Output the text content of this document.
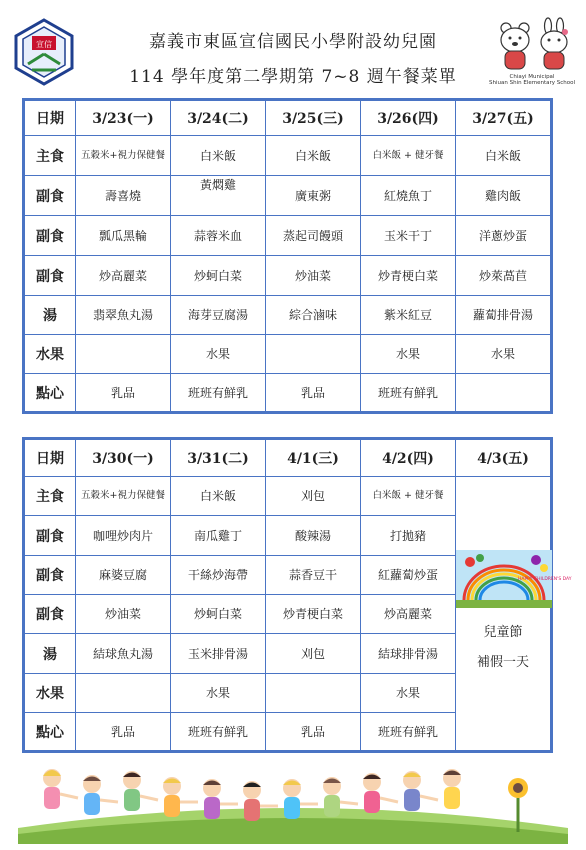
宣信	嘉義市東區宣信國民小學附設幼兒園
114 學年度第二學期第 7~8 週午餐菜單	Chiayi Municipal
Shiuan Shin Elementary School
日期	3/23(一)	3/24(二)	3/25(三)	3/26(四)	3/27(五)
主食	五穀米+視力保健餐	白米飯	白米飯	白米飯 + 健牙餐	白米飯
副食	壽喜燒	黃燜雞	廣東粥	紅燒魚丁	雞肉飯
副食	瓢瓜黑輪	蒜蓉米血	蒸起司饅頭	玉米干丁	洋蔥炒蛋
副食	炒高麗菜	炒蚵白菜	炒油菜	炒青梗白菜	炒萊萵苣
湯	翡翠魚丸湯	海芽豆腐湯	綜合滷味	紫米紅豆	蘿蔔排骨湯
水果		水果		水果	水果
點心	乳品	班班有鮮乳	乳品	班班有鮮乳	
日期	3/30(一)	3/31(二)	4/1(三)	4/2(四)	4/3(五)
主食	五穀米+視力保健餐	白米飯	刈包	白米飯 + 健牙餐	HAPPY CHILDREN'S DAY
兒童節
補假一天

副食	咖哩炒肉片	南瓜雞丁	酸辣湯	打拋豬	
副食	麻婆豆腐	干絲炒海帶	蒜香豆干	紅蘿蔔炒蛋	
副食	炒油菜	炒蚵白菜	炒青梗白菜	炒高麗菜	
湯	結球魚丸湯	玉米排骨湯	刈包	結球排骨湯	
水果		水果		水果	
點心	乳品	班班有鮮乳	乳品	班班有鮮乳	
